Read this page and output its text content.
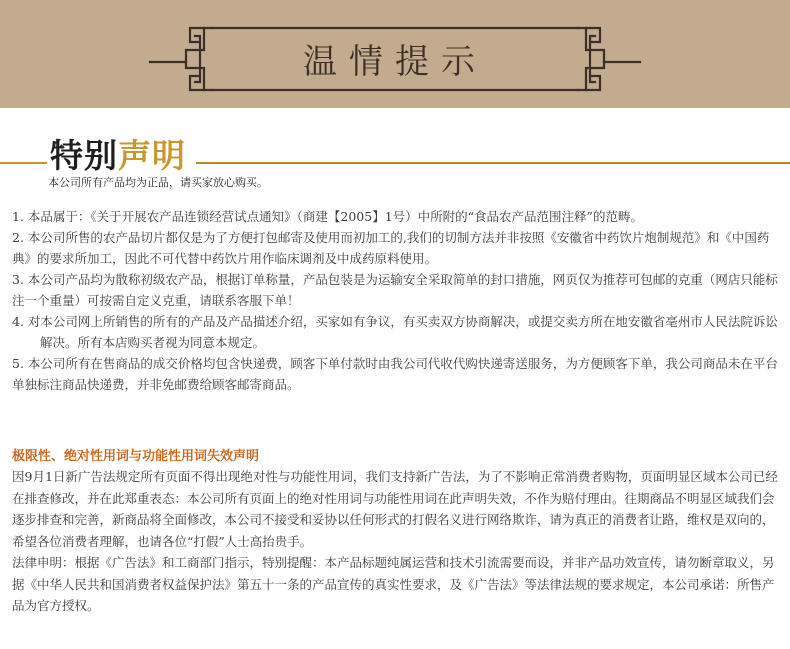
温情提示
特别声明
本公司所有产品均为正品，请买家放心购买。

1. 本品属于：《关于开展农产品连锁经营试点通知》（商建【2005】1号）中所附的“食品农产品范围注释”的范畴。

2. 本公司所售的农产品切片都仅是为了方便打包邮寄及使用而初加工的,我们的切制方法并非按照《安徽省中药饮片炮制规范》和《中国药典》的要求所加工，因此不可代替中药饮片用作临床调剂及中成药原料使用。

3. 本公司产品均为散称初级农产品，根据订单称量，产品包装是为运输安全采取简单的封口措施，网页仅为推荐可包邮的克重（网店只能标注一个重量）可按需自定义克重，请联系客服下单！

4. 对本公司网上所销售的所有的产品及产品描述介绍，买家如有争议，有买卖双方协商解决，或提交卖方所在地安徽省亳州市人民法院诉讼解决。所有本店购买者视为同意本规定。

5. 本公司所有在售商品的成交价格均包含快递费，顾客下单付款时由我公司代收代购快递寄送服务，为方便顾客下单，我公司商品未在平台单独标注商品快递费，并非免邮费给顾客邮寄商品。

极限性、绝对性用词与功能性用词失效声明

因9月1日新广告法规定所有页面不得出现绝对性与功能性用词，我们支持新广告法，为了不影响正常消费者购物，页面明显区域本公司已经在排查修改，并在此郑重表态：本公司所有页面上的绝对性用词与功能性用词在此声明失效，不作为赔付理由。往期商品不明显区域我们会逐步排查和完善，新商品将全面修改，本公司不接受和妥协以任何形式的打假名义进行网络欺诈，请为真正的消费者让路，维权是双向的，希望各位消费者理解，也请各位“打假”人士高抬贵手。

法律申明：根据《广告法》和工商部门指示，特别提醒：本产品标题纯属运营和技术引流需要而设，并非产品功效宣传，请勿断章取义，另据《中华人民共和国消费者权益保护法》第五十一条的产品宣传的真实性要求，及《广告法》等法律法规的要求规定，本公司承诺：所售产品为官方授权。
